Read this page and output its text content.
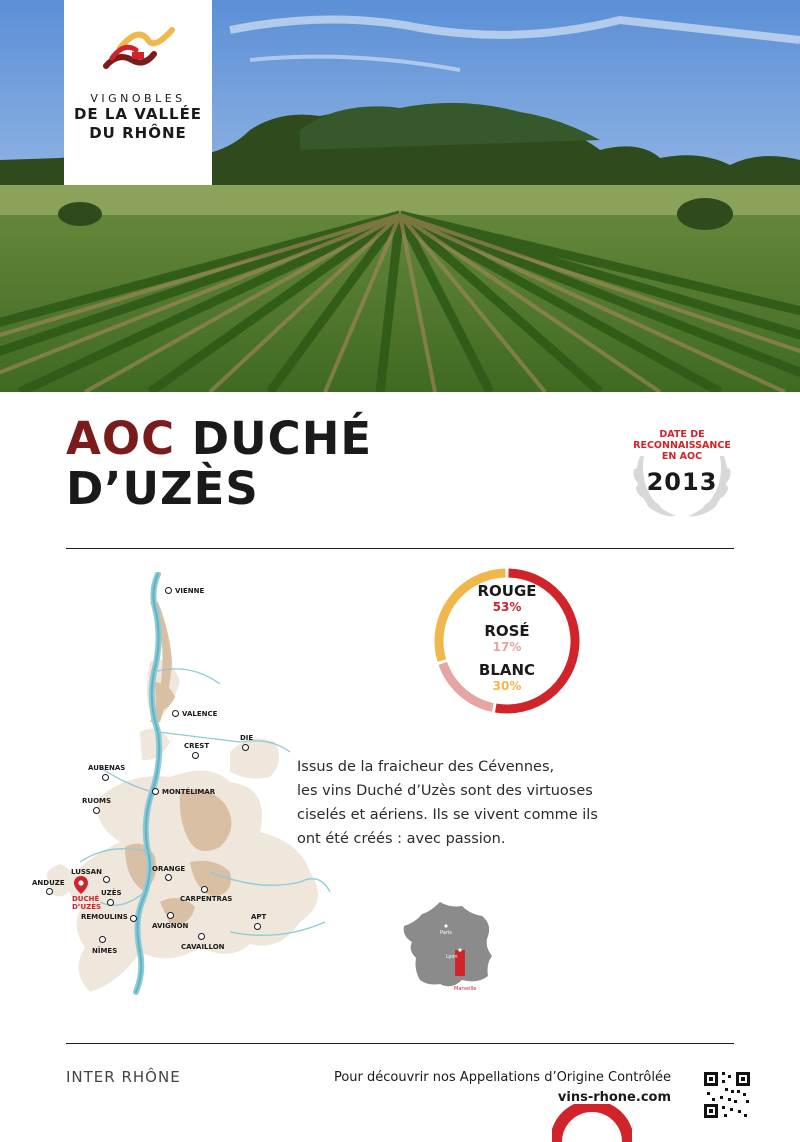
VIGNOBLES
DE LA VALLÉE
DU RHÔNE
AOC DUCHÉ
D’UZÈS
DATE DE
RECONNAISSANCE
EN AOC
2013
VIENNE
VALENCE
CREST
DIE
AUBENAS
MONTÉLIMAR
RUOMS
ORANGE
LUSSAN
ANDUZE
CARPENTRAS
DUCHÉ
D’UZÈS
UZÈS
REMOULINS
AVIGNON
APT
CAVAILLON
NÎMES
ROUGE
53%
ROSÉ
17%
BLANC
30%
Issus de la fraicheur des Cévennes,
les vins Duché d’Uzès sont des virtuoses
ciselés et aériens. Ils se vivent comme ils
ont été créés : avec passion.
Paris
Lyon
Marseille
INTER RHÔNE	Pour découvrir nos Appellations d’Origine Contrôlée
vins-rhone.com
